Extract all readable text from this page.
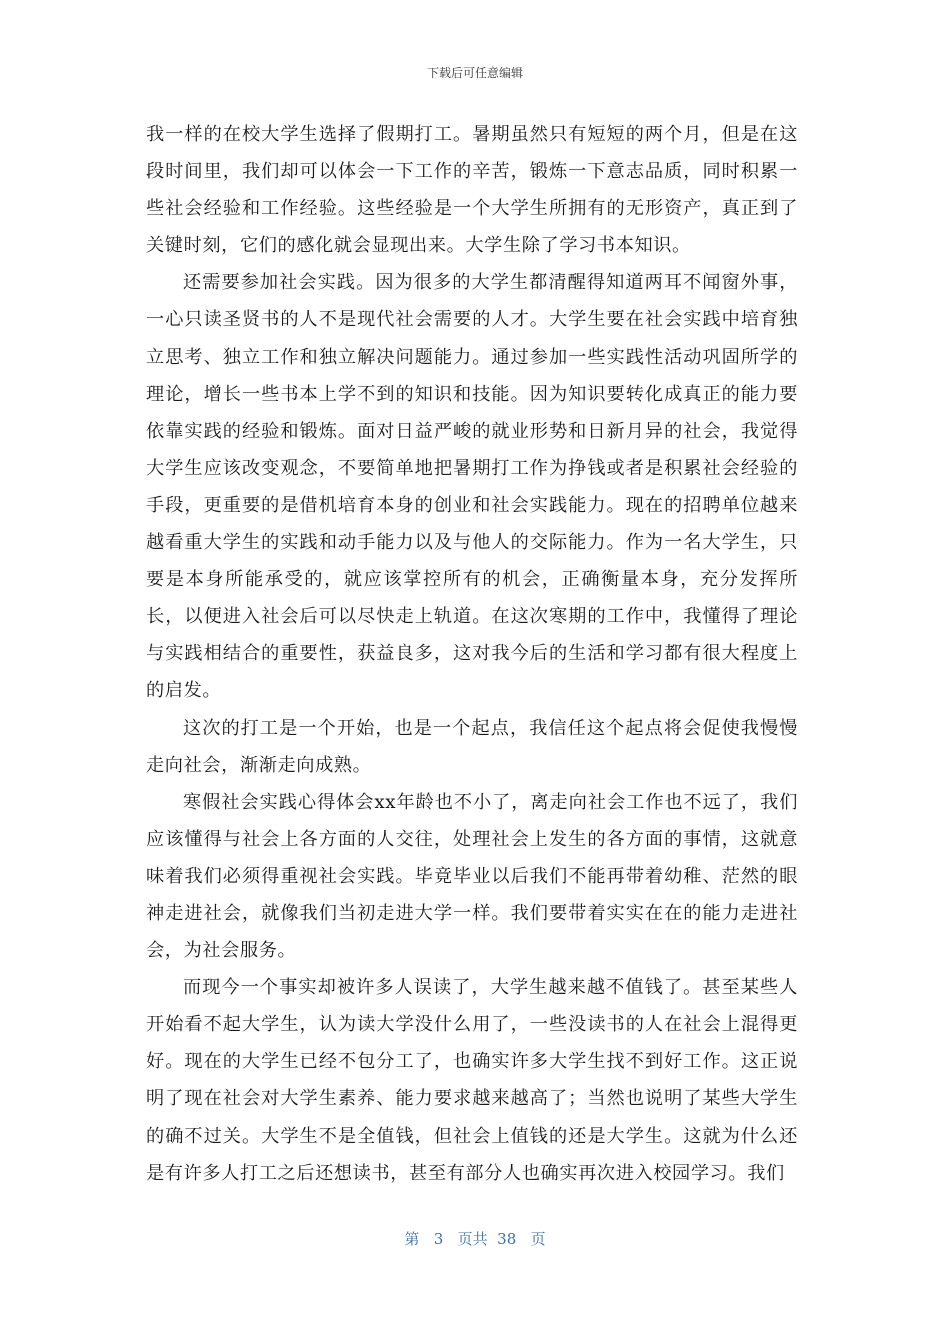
下载后可任意编辑

我一样的在校大学生选择了假期打工。暑期虽然只有短短的两个月，但是在这段时间里，我们却可以体会一下工作的辛苦，锻炼一下意志品质，同时积累一些社会经验和工作经验。这些经验是一个大学生所拥有的无形资产，真正到了关键时刻，它们的感化就会显现出来。大学生除了学习书本知识。

还需要参加社会实践。因为很多的大学生都清醒得知道两耳不闻窗外事，一心只读圣贤书的人不是现代社会需要的人才。大学生要在社会实践中培育独立思考、独立工作和独立解决问题能力。通过参加一些实践性活动巩固所学的理论，增长一些书本上学不到的知识和技能。因为知识要转化成真正的能力要依靠实践的经验和锻炼。面对日益严峻的就业形势和日新月异的社会，我觉得大学生应该改变观念，不要简单地把暑期打工作为挣钱或者是积累社会经验的手段，更重要的是借机培育本身的创业和社会实践能力。现在的招聘单位越来越看重大学生的实践和动手能力以及与他人的交际能力。作为一名大学生，只要是本身所能承受的，就应该掌控所有的机会，正确衡量本身，充分发挥所长，以便进入社会后可以尽快走上轨道。在这次寒期的工作中，我懂得了理论与实践相结合的重要性，获益良多，这对我今后的生活和学习都有很大程度上的启发。

这次的打工是一个开始，也是一个起点，我信任这个起点将会促使我慢慢走向社会，渐渐走向成熟。

寒假社会实践心得体会xx年龄也不小了，离走向社会工作也不远了，我们应该懂得与社会上各方面的人交往，处理社会上发生的各方面的事情，这就意味着我们必须得重视社会实践。毕竟毕业以后我们不能再带着幼稚、茫然的眼神走进社会，就像我们当初走进大学一样。我们要带着实实在在的能力走进社会，为社会服务。

而现今一个事实却被许多人误读了，大学生越来越不值钱了。甚至某些人开始看不起大学生，认为读大学没什么用了，一些没读书的人在社会上混得更好。现在的大学生已经不包分工了，也确实许多大学生找不到好工作。这正说明了现在社会对大学生素养、能力要求越来越高了；当然也说明了某些大学生的确不过关。大学生不是全值钱，但社会上值钱的还是大学生。这就为什么还是有许多人打工之后还想读书，甚至有部分人也确实再次进入校园学习。我们

第 3 页共 38 页
